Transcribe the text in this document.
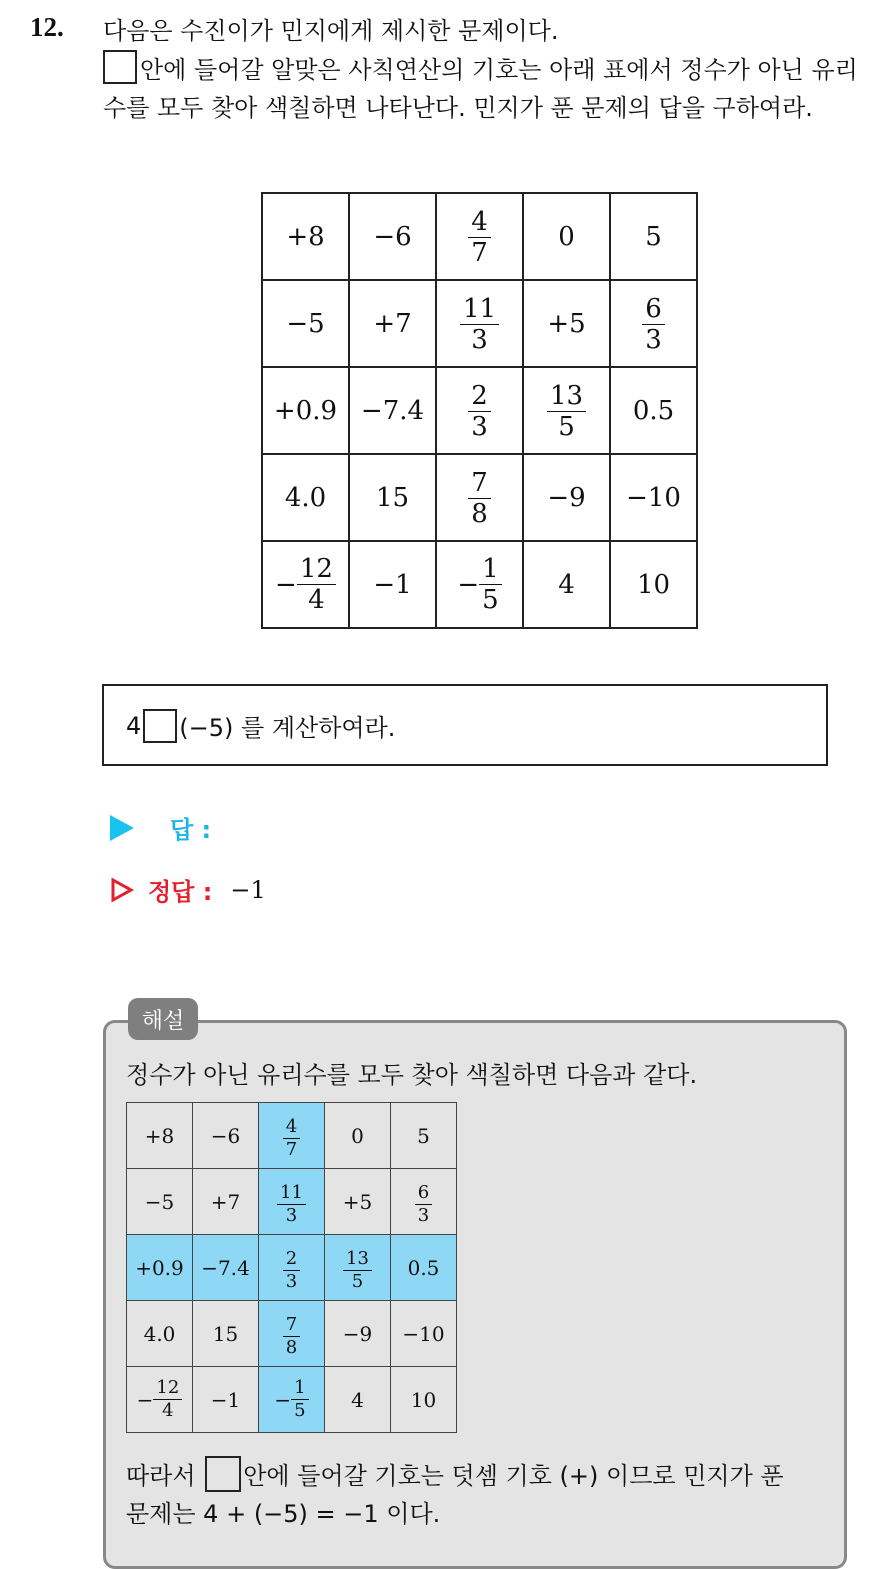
12. 다음은 수진이가 민지에게 제시한 문제이다.

안에 들어갈 알맞은 사칙연산의 기호는 아래 표에서 정수가 아닌 유리수를 모두 찾아 색칠하면 나타난다. 민지가 푼 문제의 답을 구하여라.

+8	−6	$\frac{4}{7}$	0	5
−5	+7	$\frac{11}{3}$	+5	$\frac{6}{3}$

+0.9	−7.4	$\frac{2}{3}$	$\frac{13}{5}$	0.5
4.0	15	$\frac{7}{8}$	−9	−10

− $\frac{12}{4}$	−1	− $\frac{1}{5}$	4	10
4 (−5) 를 계산하여라.
답 :
정답 : −1
해설
정수가 아닌 유리수를 모두 찾아 색칠하면 다음과 같다.
+8	−6	$\frac{4}{7}$	0	5
−5	+7	$\frac{11}{3}$	+5	$\frac{6}{3}$

+0.9	−7.4	$\frac{2}{3}$	$\frac{13}{5}$	0.5
4.0	15	$\frac{7}{8}$	−9	−10

− $\frac{12}{4}$	−1	− $\frac{1}{5}$	4	10

따라서 안에 들어갈 기호는 덧셈 기호 (+) 이므로 민지가 푼

문제는 4 + (−5) = −1 이다.
